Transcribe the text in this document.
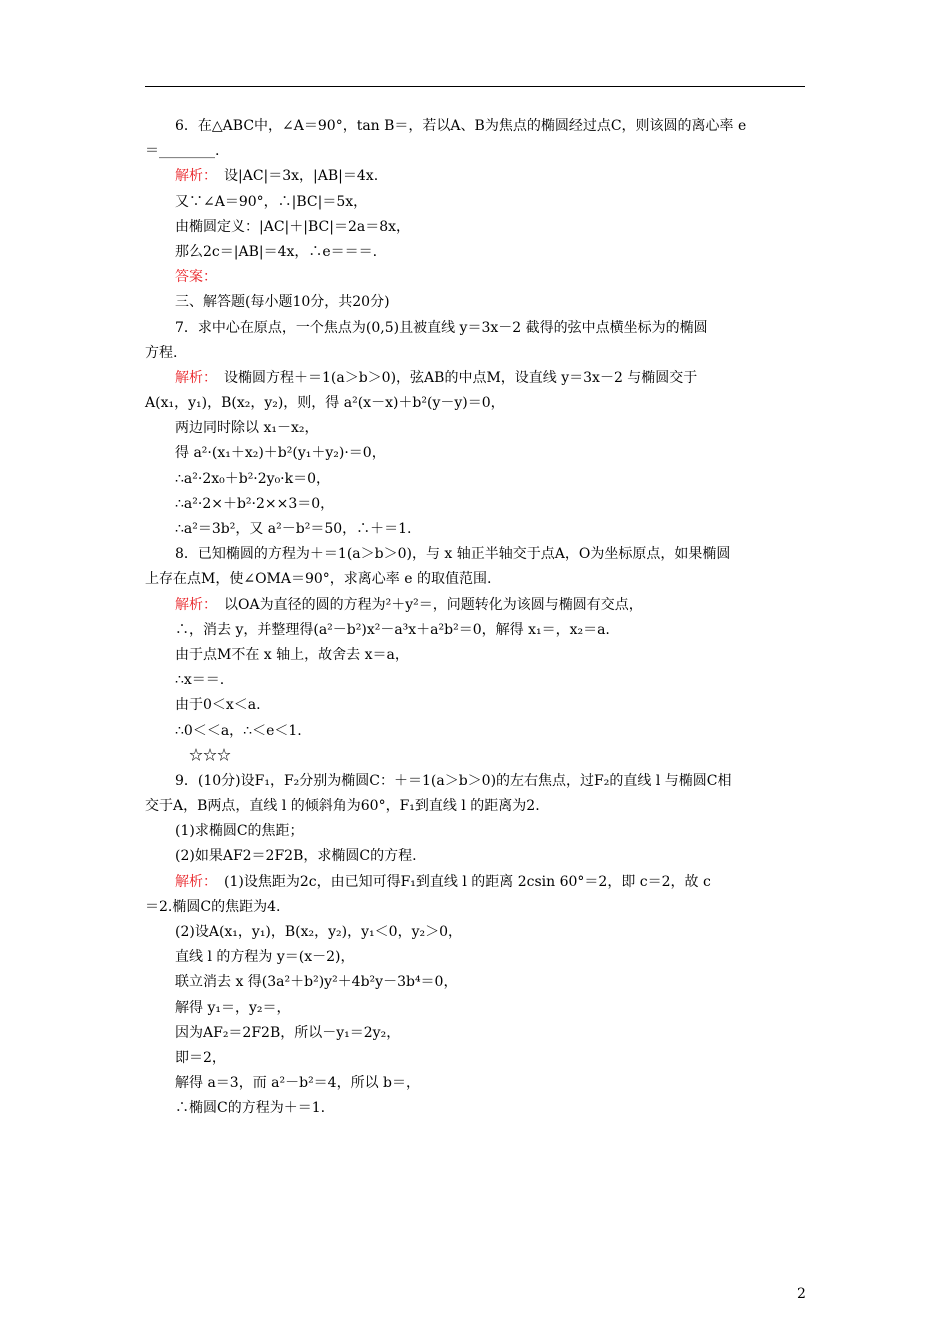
6．在△ABC中，∠A＝90°，tan B＝，若以A、B为焦点的椭圆经过点C，则该圆的离心率 e
＝________.
解析：　设|AC|＝3x，|AB|＝4x.
又∵∠A＝90°，∴|BC|＝5x，
由椭圆定义：|AC|＋|BC|＝2a＝8x，
那么2c＝|AB|＝4x，∴e＝＝＝.
答案：
三、解答题(每小题10分，共20分)
7．求中心在原点，一个焦点为(0,5)且被直线 y＝3x－2 截得的弦中点横坐标为的椭圆
方程.
解析：　设椭圆方程＋＝1(a＞b＞0)，弦AB的中点M，设直线 y＝3x－2 与椭圆交于
A(x₁，y₁)，B(x₂，y₂)，则，得 a²(x－x)＋b²(y－y)＝0，
两边同时除以 x₁－x₂，
得 a²·(x₁＋x₂)＋b²(y₁＋y₂)·＝0，
∴a²·2x₀＋b²·2y₀·k＝0，
∴a²·2×＋b²·2××3＝0，
∴a²＝3b²，又 a²－b²＝50，∴＋＝1.
8．已知椭圆的方程为＋＝1(a＞b＞0)，与 x 轴正半轴交于点A，O为坐标原点，如果椭圆
上存在点M，使∠OMA＝90°，求离心率 e 的取值范围.
解析：　以OA为直径的圆的方程为²＋y²＝，问题转化为该圆与椭圆有交点，
∴，消去 y，并整理得(a²－b²)x²－a³x＋a²b²＝0，解得 x₁＝，x₂＝a.
由于点M不在 x 轴上，故舍去 x＝a，
∴x＝＝.
由于0＜x＜a.
∴0＜＜a，∴＜e＜1.
　☆☆☆
9．(10分)设F₁，F₂分别为椭圆C：＋＝1(a＞b＞0)的左右焦点，过F₂的直线 l 与椭圆C相
交于A，B两点，直线 l 的倾斜角为60°，F₁到直线 l 的距离为2.
(1)求椭圆C的焦距；
(2)如果AF2＝2F2B，求椭圆C的方程.
解析：　(1)设焦距为2c，由已知可得F₁到直线 l 的距离 2csin 60°＝2，即 c＝2，故 c
＝2.椭圆C的焦距为4.
(2)设A(x₁，y₁)，B(x₂，y₂)，y₁＜0，y₂＞0，
直线 l 的方程为 y＝(x－2)，
联立消去 x 得(3a²＋b²)y²＋4b²y－3b⁴＝0，
解得 y₁＝，y₂＝，
因为AF₂＝2F2B，所以－y₁＝2y₂，
即＝2，
解得 a＝3，而 a²－b²＝4，所以 b＝，
∴椭圆C的方程为＋＝1.
2
